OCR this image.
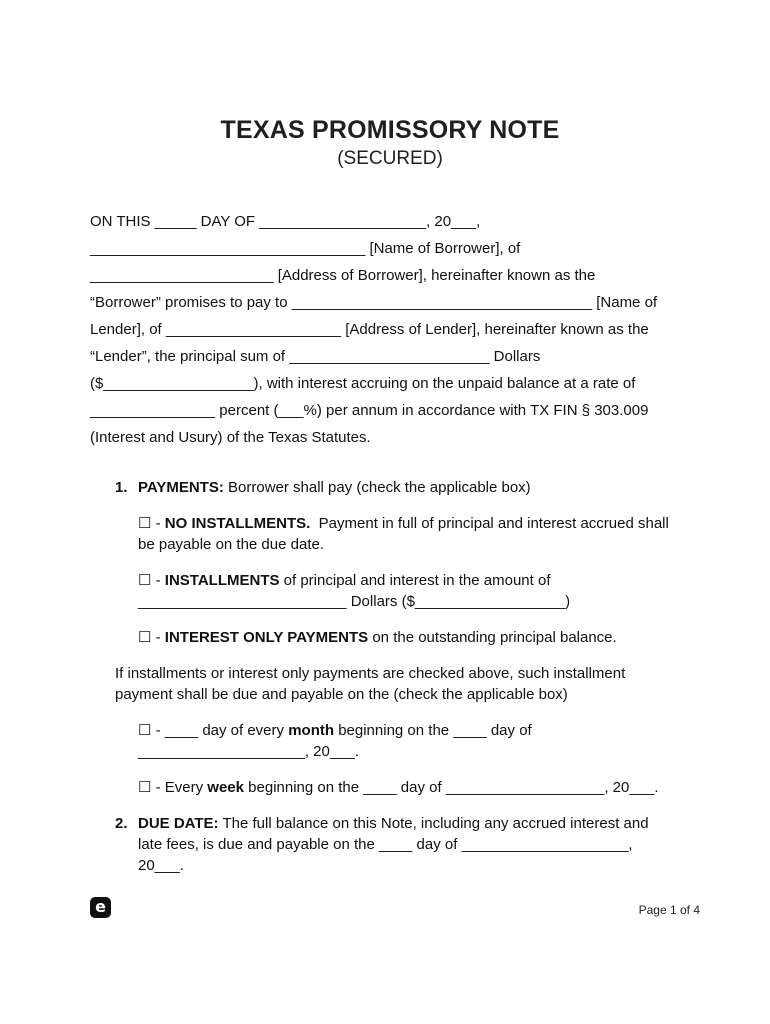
TEXAS PROMISSORY NOTE
(SECURED)
ON THIS _____ DAY OF ____________________, 20___,
_________________________________ [Name of Borrower], of
______________________ [Address of Borrower], hereinafter known as the
“Borrower” promises to pay to ____________________________________ [Name of
Lender], of _____________________ [Address of Lender], hereinafter known as the
“Lender”, the principal sum of ________________________ Dollars
($__________________), with interest accruing on the unpaid balance at a rate of
_______________ percent (___%) per annum in accordance with TX FIN § 303.009
(Interest and Usury) of the Texas Statutes.
1. PAYMENTS: Borrower shall pay (check the applicable box)
☐ - NO INSTALLMENTS.  Payment in full of principal and interest accrued shall
be payable on the due date.
☐ - INSTALLMENTS of principal and interest in the amount of
_________________________ Dollars ($__________________)
☐ - INTEREST ONLY PAYMENTS on the outstanding principal balance.
If installments or interest only payments are checked above, such installment
payment shall be due and payable on the (check the applicable box)
☐ - ____ day of every month beginning on the ____ day of
____________________, 20___.
☐ - Every week beginning on the ____ day of ___________________, 20___.
2. DUE DATE: The full balance on this Note, including any accrued interest and
late fees, is due and payable on the ____ day of ____________________,
20___.
e	Page 1 of 4
